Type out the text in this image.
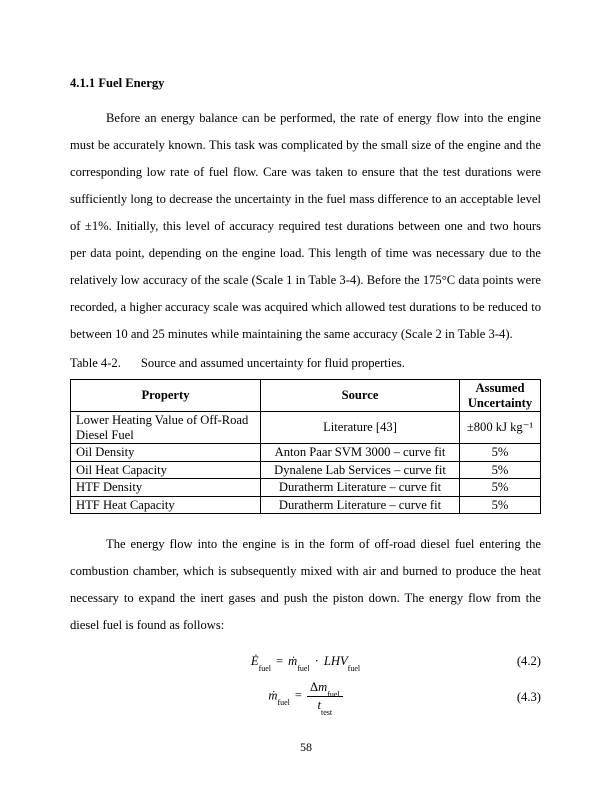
4.1.1 Fuel Energy

Before an energy balance can be performed, the rate of energy flow into the engine must be accurately known. This task was complicated by the small size of the engine and the corresponding low rate of fuel flow. Care was taken to ensure that the test durations were sufficiently long to decrease the uncertainty in the fuel mass difference to an acceptable level of ±1%. Initially, this level of accuracy required test durations between one and two hours per data point, depending on the engine load. This length of time was necessary due to the relatively low accuracy of the scale (Scale 1 in Table 3-4). Before the 175°C data points were recorded, a higher accuracy scale was acquired which allowed test durations to be reduced to between 10 and 25 minutes while maintaining the same accuracy (Scale 2 in Table 3-4).

Table 4-2. Source and assumed uncertainty for fluid properties.

Property	Source	Assumed Uncertainty
Lower Heating Value of Off-Road Diesel Fuel	Literature [43]	±800 kJ kg⁻¹
Oil Density	Anton Paar SVM 3000 – curve fit	5%
Oil Heat Capacity	Dynalene Lab Services – curve fit	5%
HTF Density	Duratherm Literature – curve fit	5%
HTF Heat Capacity	Duratherm Literature – curve fit	5%

The energy flow into the engine is in the form of off-road diesel fuel entering the combustion chamber, which is subsequently mixed with air and burned to produce the heat necessary to expand the inert gases and push the piston down. The energy flow from the diesel fuel is found as follows:

$Ė_{fuel}=$ ṁ$_{fuel}$· $LHV_{fuel}$
(4.2)
ṁ$_{fuel}$= $\frac{\Delta m_{fuel}}{t_{test}}$	(4.3)
58
